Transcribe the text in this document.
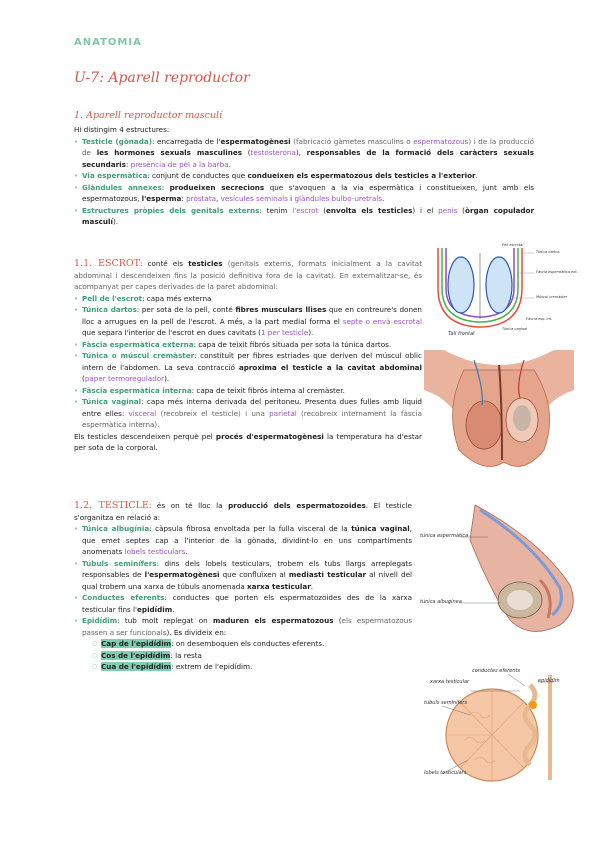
ANATOMIA
U-7: Aparell reproductor
1. Aparell reproductor masculí

Hi distingim 4 estructures:

• Testicle (gònada): encarregada de l'espermatogènesi (fabricació gàmetes masculins o espermatozous) i de la producció de les hormones sexuals masculines (testosterona), responsables de la formació dels caràcters sexuals secundaris: presència de pèl a la barba.
• Via espermàtica: conjunt de conductes que condueixen els espermatozous dels testicles a l'exterior.
• Glàndules annexes: produeixen secrecions que s'avoquen a la via espermàtica i constitueixen, junt amb els espermatozous, l'esperma: pròstata, vesícules seminals i glàndules bulbo-uretrals.
• Estructures pròpies dels genitals externs: tenim l'escrot (envolta els testicles) i el penis (òrgan copulador masculí).

1.1. ESCROT: conté els testicles (genitals externs, formats inicialment a la cavitat abdominal i descendeixen fins la posició definitiva fora de la cavitat). En externalitzar-se, és acompanyat per capes derivades de la paret abdominal:

• Pell de l'escrot: capa més externa
• Túnica dartos: per sota de la pell, conté fibres musculars llises que en contreure's donen lloc a arrugues en la pell de l'escrot. A més, a la part medial forma el septe o envà escrotal que separa l'interior de l'escrot en dues cavitats (1 per testicle).
• Fàscia espermàtica externa: capa de teixit fibrós situada per sota la túnica dartos.
• Túnica o múscul cremàster: constituït per fibres estriades que deriven del múscul oblic intern de l'abdomen. La seva contracció aproxima el testicle a la cavitat abdominal (paper termoregulador).
• Fàscia espermàtica interna: capa de teixit fibrós interna al cremàster.
• Túnica vaginal: capa més interna derivada del peritoneu. Presenta dues fulles amb líquid entre elles: visceral (recobreix el testicle) i una parietal (recobreix internament la fàscia espermàtica interna).

Els testicles descendeixen perquè pel procés d'espermatogènesi la temperatura ha d'estar per sota de la corporal.

1.2. TESTICLE: és on té lloc la producció dels espermatozoides. El testicle s'organitza en relació a:

• Túnica albugínia: càpsula fibrosa envoltada per la fulla visceral de la túnica vaginal, que emet septes cap a l'interior de la gònada, dividint-lo en uns compartiments anomenats lobels testiculars.
• Túbuls seminífers: dins dels lobels testiculars, trobem els tubs llargs arreplegats responsables de l'espermatogènesi que confluïxen al mediasti testicular al nivell del qual trobem una xarxa de túbuls anomenada xarxa testicular.
• Conductes eferents: conductes que porten els espermatozoides des de la xarxa testicular fins l'epidídim.
• Epidídim: tub molt replegat on maduren els espermatozous (els espermatozous passen a ser funcionals). Es divideix en:
○ Cap de l'epidídim: on desemboquen els conductes eferents.
○ Cos de l'epidídim: la resta
○ Cua de l'epidídim: extrem de l'epidídim.
Pell escrotal
Túnica dartos
Fàscia espermàtica ext.
Múscul cremàster
Fàscia esp. int.
Túnica vaginal
Tall frontal
túnica espermàtica
túnica albugínea
conductes eferents
xarxa testicular	epidídim
túbuls seminífers
lobels testiculars
